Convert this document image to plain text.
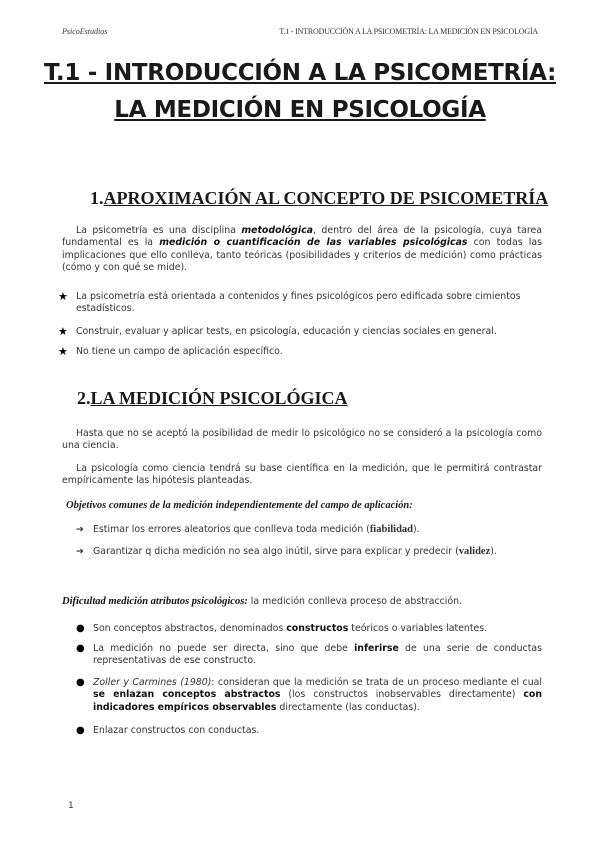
PsicoEstudios	T.1 - INTRODUCCIÓN A LA PSICOMETRÍA: LA MEDICIÓN EN PSICOLOGÍA
T.1 - INTRODUCCIÓN A LA PSICOMETRÍA:
LA MEDICIÓN EN PSICOLOGÍA
1.APROXIMACIÓN AL CONCEPTO DE PSICOMETRÍA
La psicometría es una disciplina metodológica, dentro del área de la psicología, cuya tarea fundamental es la medición o cuantificación de las variables psicológicas con todas las implicaciones que ello conlleva, tanto teóricas (posibilidades y criterios de medición) como prácticas (cómo y con qué se mide).
★ La psicometría está orientada a contenidos y fines psicológicos pero edificada sobre cimientos estadísticos.
★ Construir, evaluar y aplicar tests, en psicología, educación y ciencias sociales en general.
★ No tiene un campo de aplicación específico.
2.LA MEDICIÓN PSICOLÓGICA
Hasta que no se aceptó la posibilidad de medir lo psicológico no se consideró a la psicología como una ciencia.
La psicología como ciencia tendrá su base científica en la medición, que le permitirá contrastar empíricamente las hipótesis planteadas.
Objetivos comunes de la medición independientemente del campo de aplicación:
➔ Estimar los errores aleatorios que conlleva toda medición (fiabilidad).
➔ Garantizar q dicha medición no sea algo inútil, sirve para explicar y predecir (validez).
Dificultad medición atributos psicológicos: la medición conlleva proceso de abstracción.
● Son conceptos abstractos, denominados constructos teóricos o variables latentes.
● La medición no puede ser directa, sino que debe inferirse de una serie de conductas representativas de ese constructo.
● Zoller y Carmines (1980): consideran que la medición se trata de un proceso mediante el cual se enlazan conceptos abstractos (los constructos inobservables directamente) con indicadores empíricos observables directamente (las conductas).
● Enlazar constructos con conductas.
1
